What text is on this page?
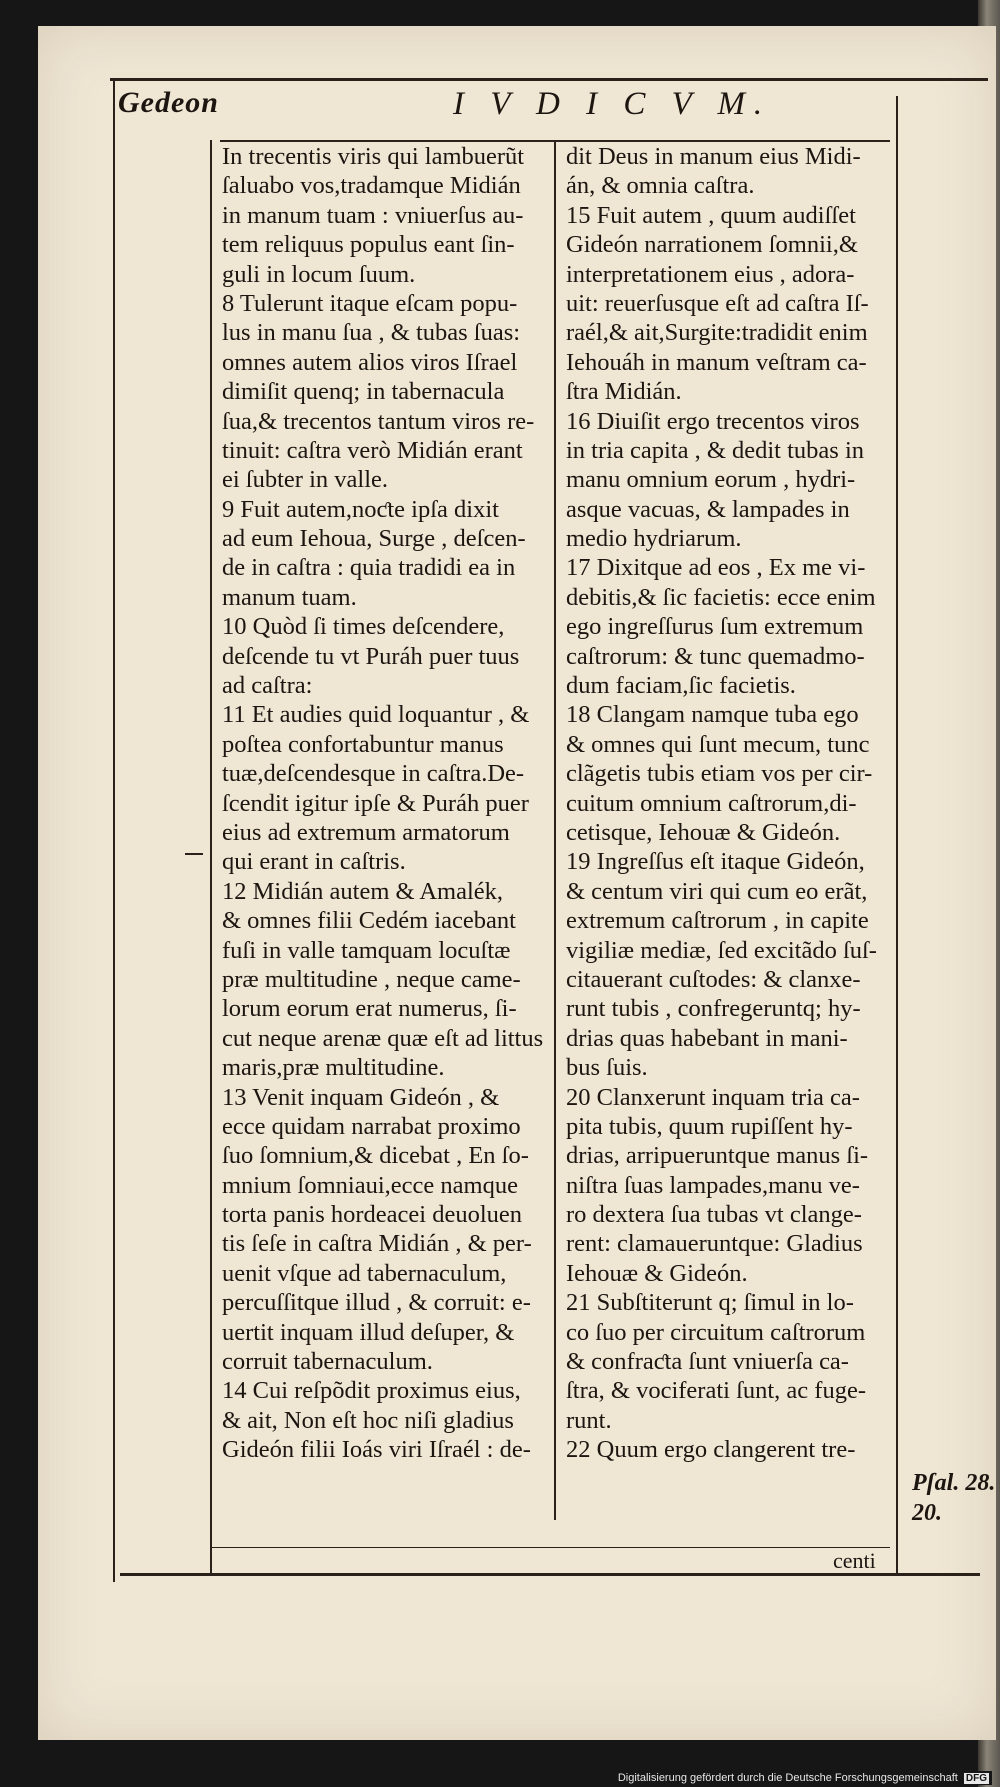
Gedeon	I V D I C V M.
In trecentis viris qui lambuerũt
ſaluabo vos,tradamque Midián
in manum tuam : vniuerſus au-
tem reliquus populus eant ſin-
guli in locum ſuum.
8 Tulerunt itaque eſcam popu-
lus in manu ſua , & tubas ſuas:
omnes autem alios viros Iſrael
dimiſit quenq; in tabernacula
ſua,& trecentos tantum viros re-
tinuit: caſtra verò Midián erant
ei ſubter in valle.
9 Fuit autem,noƈte ipſa dixit
ad eum Iehoua, Surge , deſcen-
de in caſtra : quia tradidi ea in
manum tuam.
10 Quòd ſi times deſcendere,
deſcende tu vt Puráh puer tuus
ad caſtra:
11 Et audies quid loquantur , &
poſtea confortabuntur manus
tuæ,deſcendesque in caſtra.De-
ſcendit igitur ipſe & Puráh puer
eius ad extremum armatorum
qui erant in caſtris.
12 Midián autem & Amalék,
& omnes filii Cedém iacebant
fuſi in valle tamquam locuſtæ
præ multitudine , neque came-
lorum eorum erat numerus, ſi-
cut neque arenæ quæ eſt ad littus
maris,præ multitudine.
13 Venit inquam Gideón , &
ecce quidam narrabat proximo
ſuo ſomnium,& dicebat , En ſo-
mnium ſomniaui,ecce namque
torta panis hordeacei deuoluen
tis ſeſe in caſtra Midián , & per-
uenit vſque ad tabernaculum,
percuſſitque illud , & corruit: e-
uertit inquam illud deſuper, &
corruit tabernaculum.
14 Cui reſpõdit proximus eius,
& ait, Non eſt hoc niſi gladius
Gideón filii Ioás viri Iſraél : de-
dit Deus in manum eius Midi-
án, & omnia caſtra.
15 Fuit autem , quum audiſſet
Gideón narrationem ſomnii,&
interpretationem eius , adora-
uit: reuerſusque eſt ad caſtra Iſ-
raél,& ait,Surgite:tradidit enim
Iehouáh in manum veſtram ca-
ſtra Midián.
16 Diuiſit ergo trecentos viros
in tria capita , & dedit tubas in
manu omnium eorum , hydri-
asque vacuas, & lampades in
medio hydriarum.
17 Dixitque ad eos , Ex me vi-
debitis,& ſic facietis: ecce enim
ego ingreſſurus ſum extremum
caſtrorum: & tunc quemadmo-
dum faciam,ſic facietis.
18 Clangam namque tuba ego
& omnes qui ſunt mecum, tunc
clãgetis tubis etiam vos per cir-
cuitum omnium caſtrorum,di-
cetisque, Iehouæ & Gideón.
19 Ingreſſus eſt itaque Gideón,
& centum viri qui cum eo erãt,
extremum caſtrorum , in capite
vigiliæ mediæ, ſed excitãdo ſuſ-
citauerant cuſtodes: & clanxe-
runt tubis , confregeruntq; hy-
drias quas habebant in mani-
bus ſuis.
20 Clanxerunt inquam tria ca-
pita tubis, quum rupiſſent hy-
drias, arripueruntque manus ſi-
niſtra ſuas lampades,manu ve-
ro dextera ſua tubas vt clange-
rent: clamaueruntque: Gladius
Iehouæ & Gideón.
21 Subſtiterunt q; ſimul in lo-
co ſuo per circuitum caſtrorum
& confraƈta ſunt vniuerſa ca-
ſtra, & vociferati ſunt, ac fuge-
runt.
22 Quum ergo clangerent tre-
Pſal. 28.
20.
centi
Digitalisierung gefördert durch die Deutsche Forschungsgemeinschaft DFG
